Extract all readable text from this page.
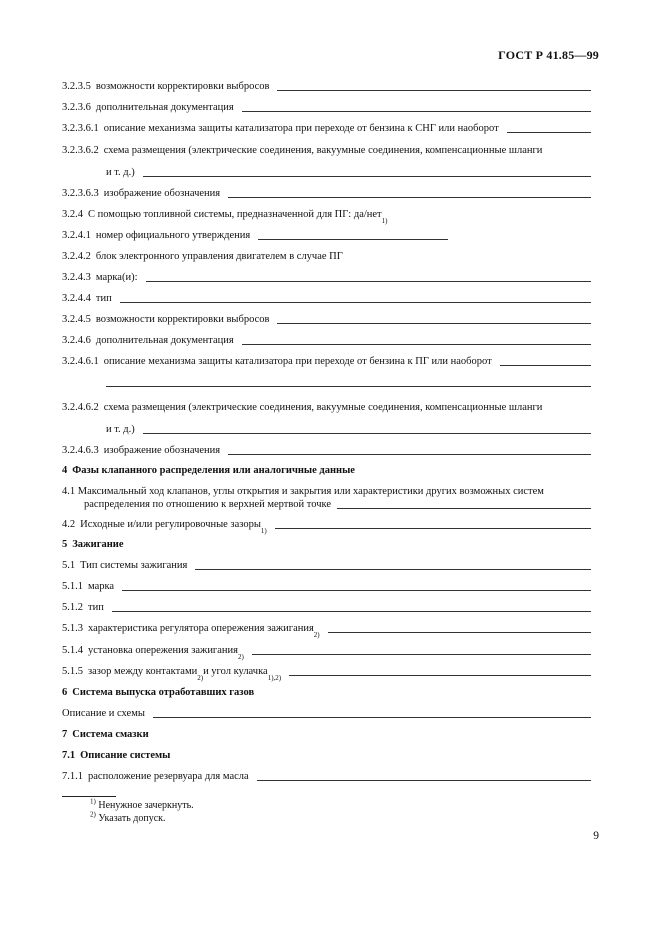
ГОСТ Р 41.85—99
3.2.3.5 возможности корректировки выбросов
3.2.3.6 дополнительная документация
3.2.3.6.1 описание механизма защиты катализатора при переходе от бензина к СНГ или наоборот
3.2.3.6.2 схема размещения (электрические соединения, вакуумные соединения, компенсационные шланги
и т. д.)
3.2.3.6.3 изображение обозначения
3.2.4 С помощью топливной системы, предназначенной для ПГ: да/нет
1)
3.2.4.1 номер официального утверждения
3.2.4.2 блок электронного управления двигателем в случае ПГ
3.2.4.3 марка(и):
3.2.4.4 тип
3.2.4.5 возможности корректировки выбросов
3.2.4.6 дополнительная документация
3.2.4.6.1 описание механизма защиты катализатора при переходе от бензина к ПГ или наоборот
3.2.4.6.2 схема размещения (электрические соединения, вакуумные соединения, компенсационные шланги
и т. д.)
3.2.4.6.3 изображение обозначения
4 Фазы клапанного распределения или аналогичные данные
4.1 Максимальный ход клапанов, углы открытия и закрытия или характеристики других возможных систем
распределения по отношению к верхней мертвой точке
4.2 Исходные и/или регулировочные зазоры
1)
5 Зажигание
5.1 Тип системы зажигания
5.1.1 марка
5.1.2 тип
5.1.3 характеристика регулятора опережения зажигания
2)
5.1.4 установка опережения зажигания
2)
5.1.5 зазор между контактами
2)
и угол кулачка
1),2)
6 Система выпуска отработавших газов
Описание и схемы
7 Система смазки
7.1 Описание системы
7.1.1 расположение резервуара для масла
$^{1)}$ Ненужное зачеркнуть.
$^{2)}$ Указать допуск.
9
